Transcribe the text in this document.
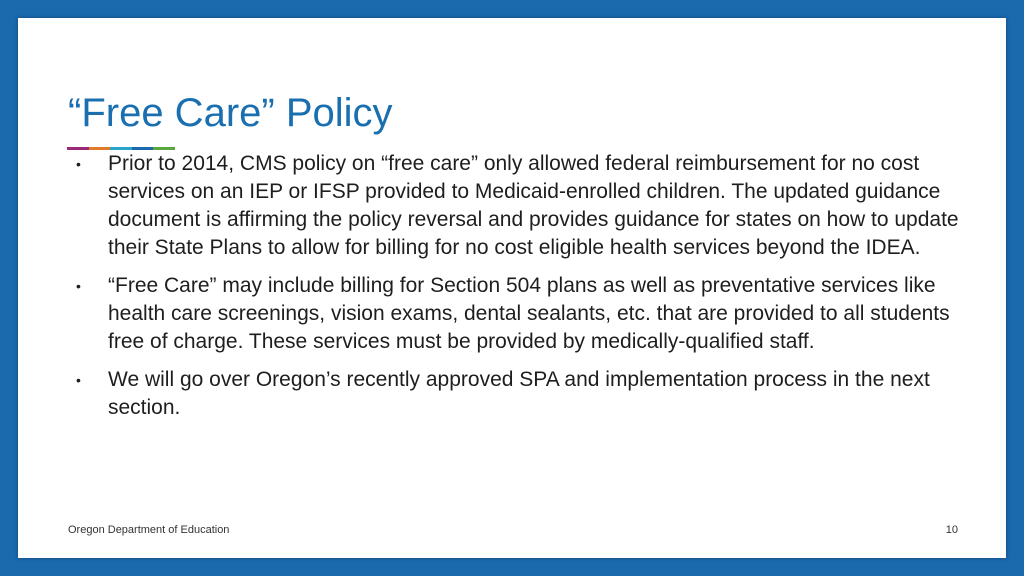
“Free Care” Policy
• Prior to 2014, CMS policy on “free care” only allowed federal reimbursement for no cost services on an IEP or IFSP provided to Medicaid-enrolled children. The updated guidance document is affirming the policy reversal and provides guidance for states on how to update their State Plans to allow for billing for no cost eligible health services beyond the IDEA.
• “Free Care” may include billing for Section 504 plans as well as preventative services like health care screenings, vision exams, dental sealants, etc. that are provided to all students free of charge. These services must be provided by medically-qualified staff.
• We will go over Oregon’s recently approved SPA and implementation process in the next section.
Oregon Department of Education	10
